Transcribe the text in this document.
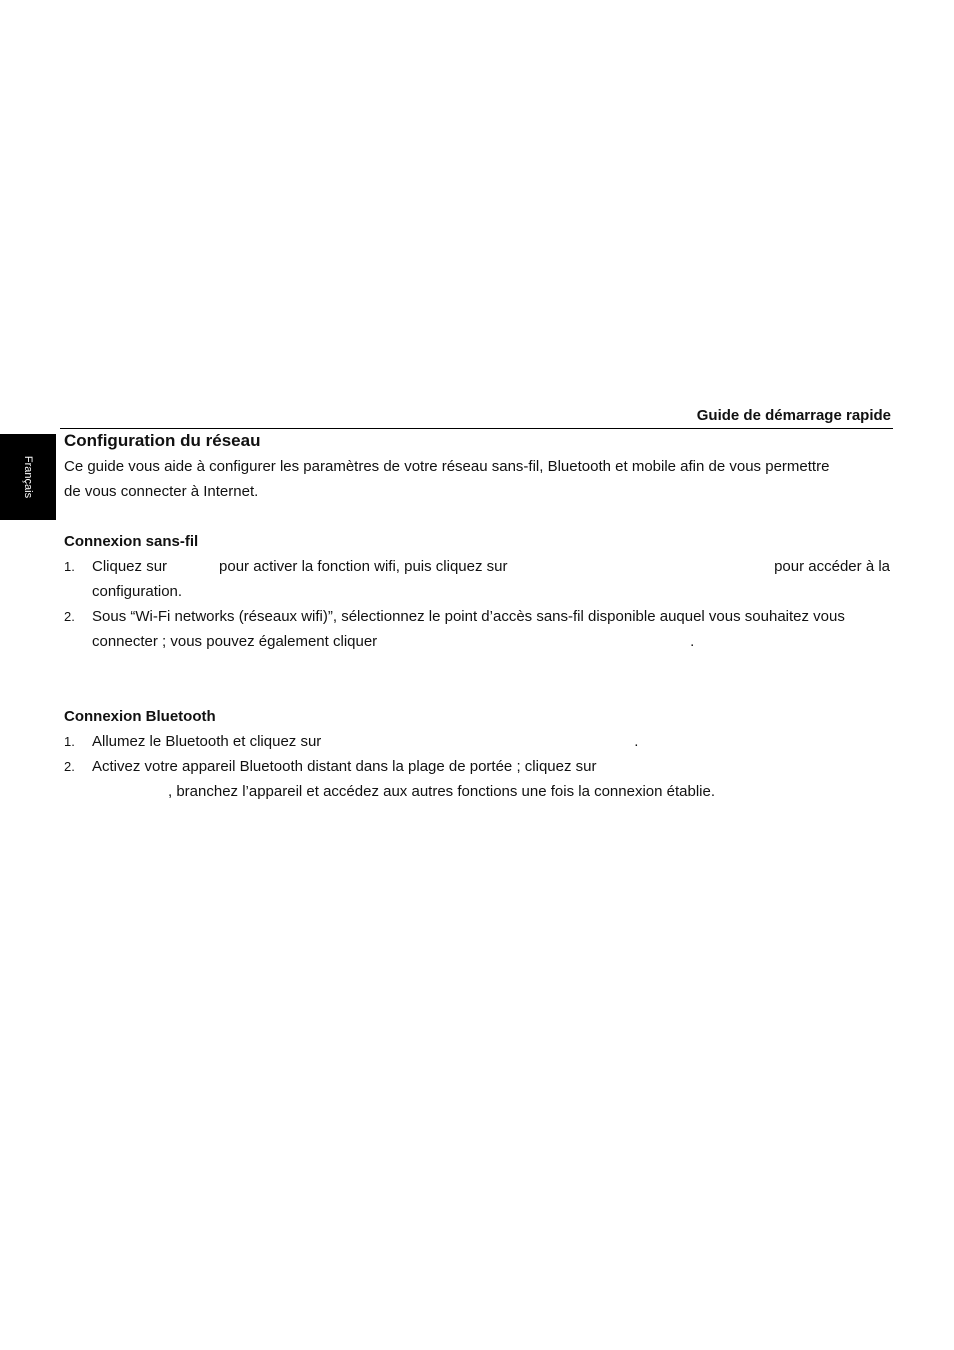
Français
Guide de démarrage rapide
Configuration du réseau
Ce guide vous aide à configurer les paramètres de votre réseau sans-fil, Bluetooth et mobile afin de vous permettre
de vous connecter à Internet.
Connexion sans-fil
1.	Cliquez sur	pour activer la fonction wifi, puis cliquez sur	pour accéder à la
configuration.
2.	Sous “Wi-Fi networks (réseaux wifi)”, sélectionnez le point d’accès sans-fil disponible auquel vous souhaitez vous
connecter ; vous pouvez également cliquer	.
Connexion Bluetooth
1.	Allumez le Bluetooth et cliquez sur	.
2.	Activez votre appareil Bluetooth distant dans la plage de portée ; cliquez sur
, branchez l’appareil et accédez aux autres fonctions une fois la connexion établie.
